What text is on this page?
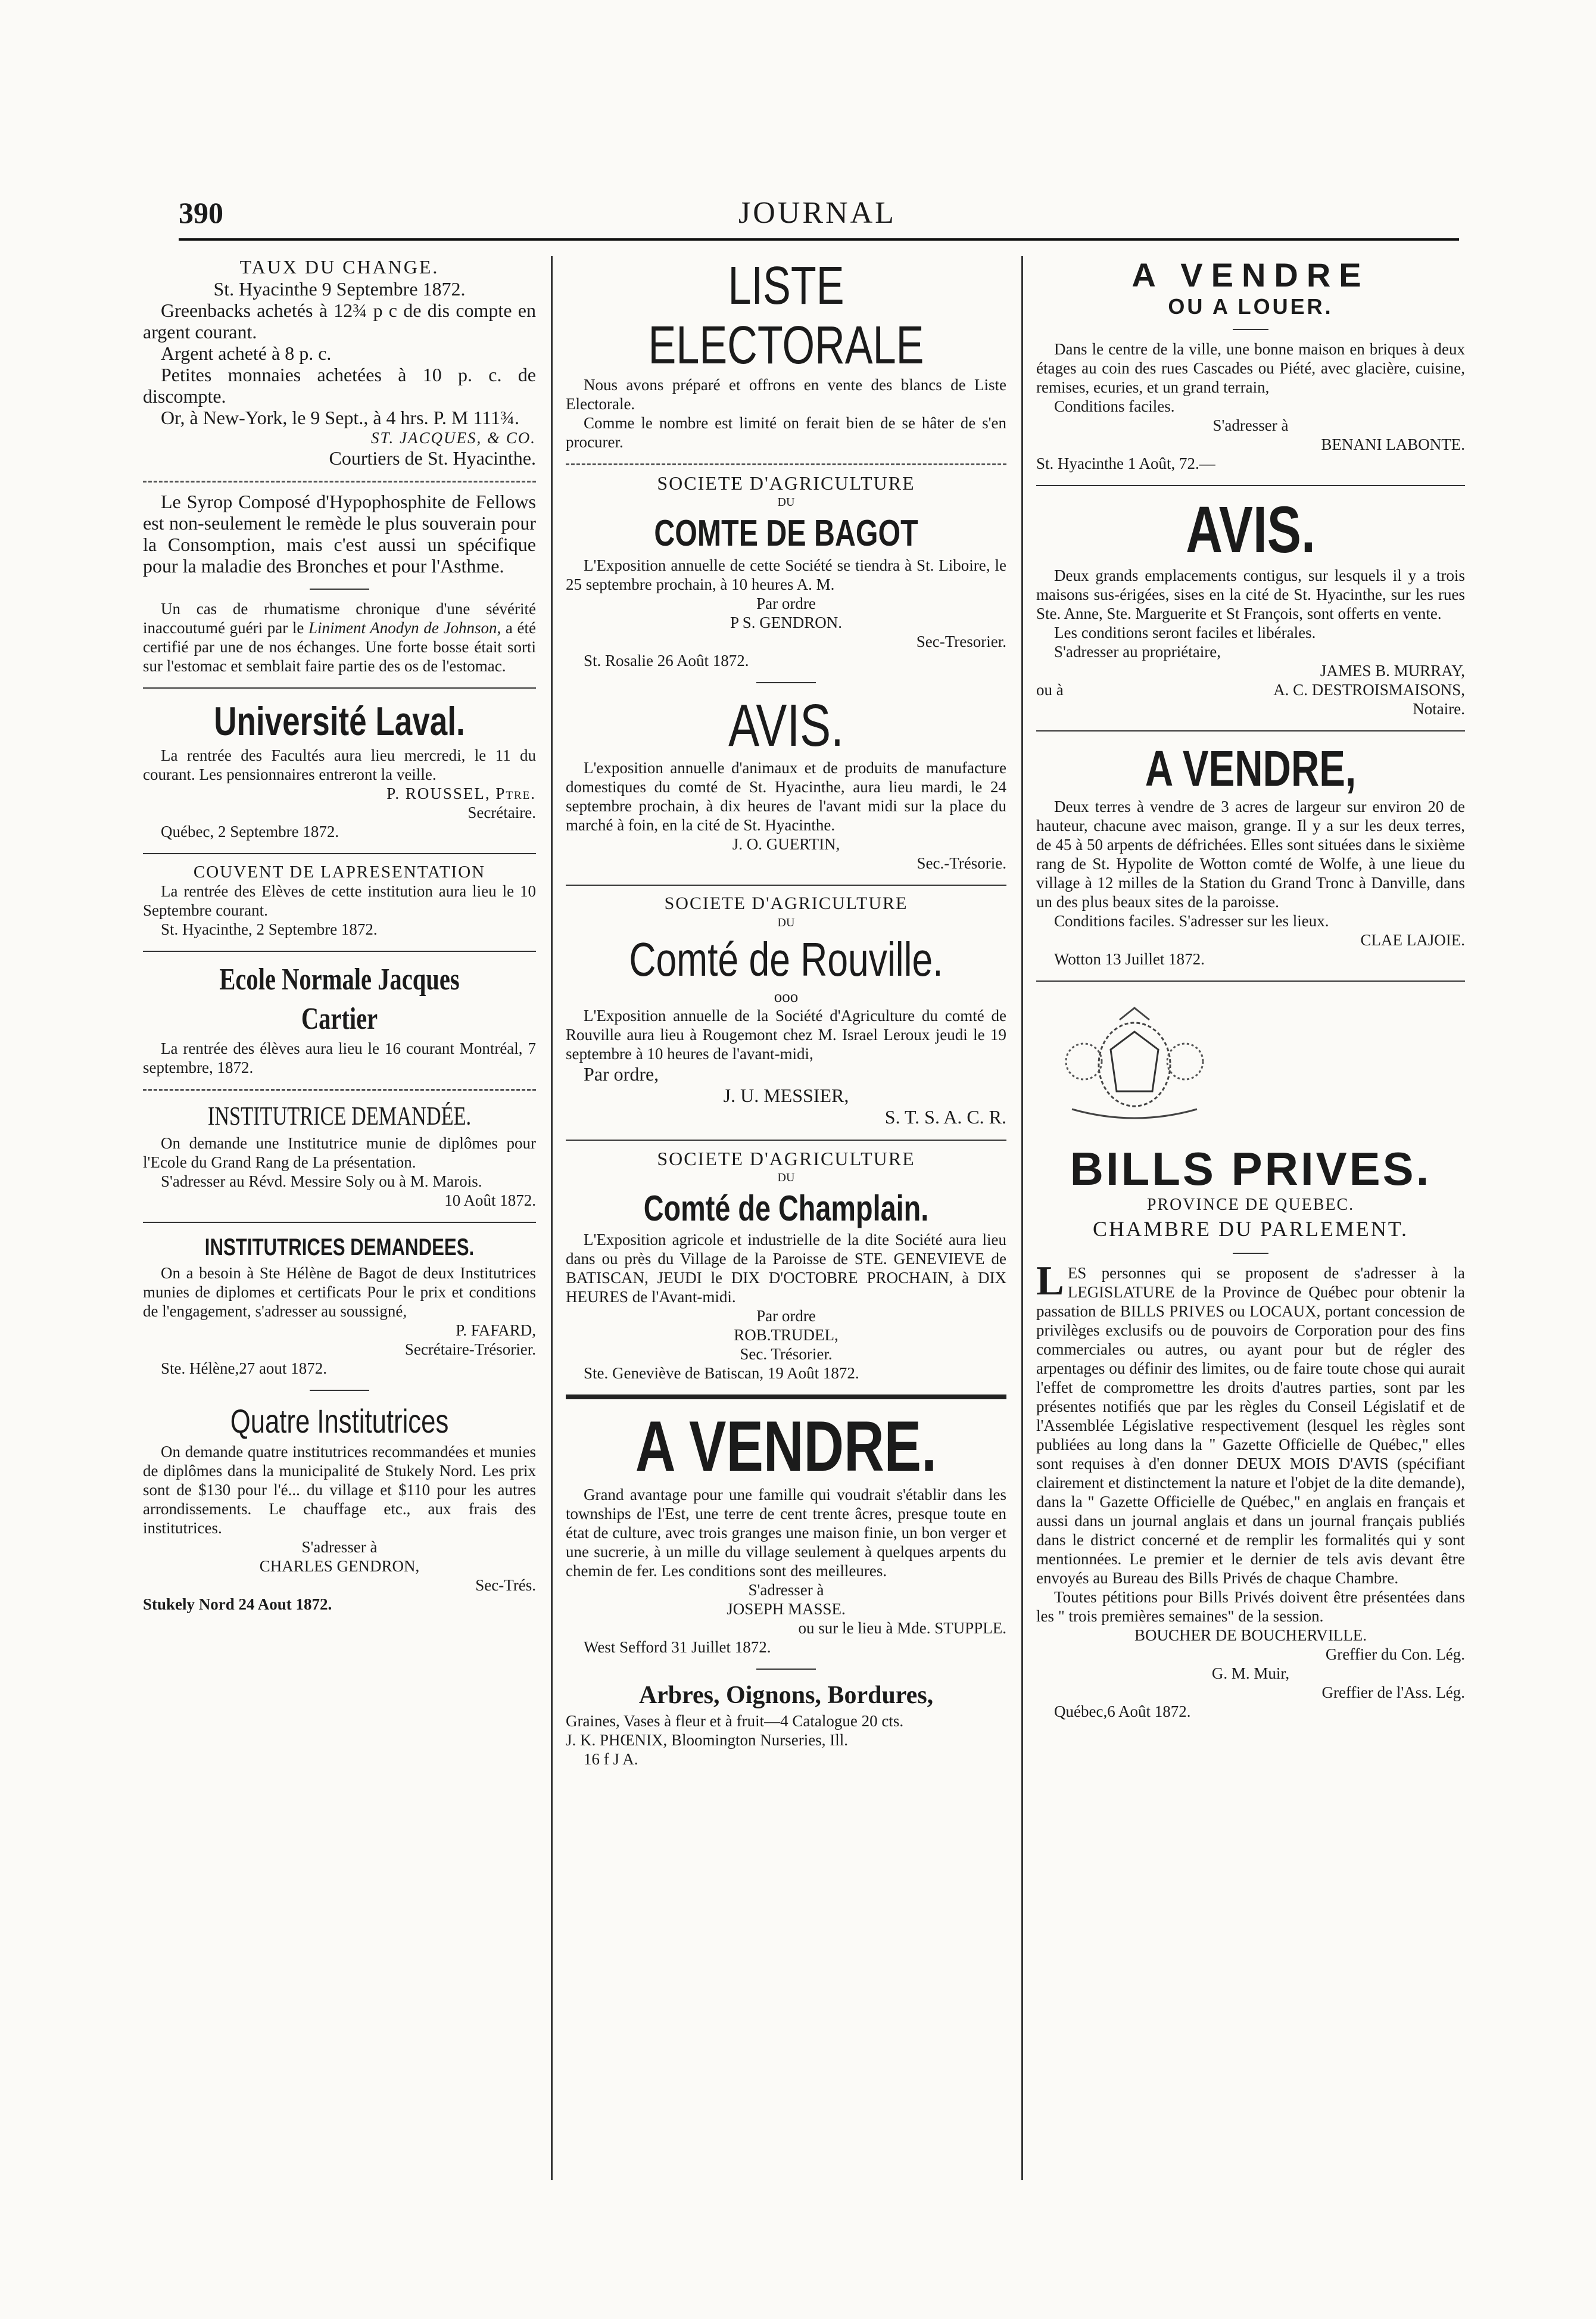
390	JOURNAL

TAUX DU CHANGE.

St. Hyacinthe 9 Septembre 1872.

Greenbacks achetés à 12¾ p c de dis compte en argent courant.

Argent acheté à 8 p. c.

Petites monnaies achetées à 10 p. c. de discompte.

Or, à New-York, le 9 Sept., à 4 hrs. P. M 111¾.

ST. JACQUES, & CO.

Courtiers de St. Hyacinthe.

Le Syrop Composé d'Hypophosphite de Fellows est non-seulement le remède le plus souverain pour la Consomption, mais c'est aussi un spécifique pour la maladie des Bronches et pour l'Asthme.

Un cas de rhumatisme chronique d'une sévérité inaccoutumé guéri par le Liniment Anodyn de Johnson, a été certifié par une de nos échanges. Une forte bosse était sorti sur l'estomac et semblait faire partie des os de l'estomac.

Université Laval.

La rentrée des Facultés aura lieu mercredi, le 11 du courant. Les pensionnaires entreront la veille.

P. ROUSSEL, Ptre.

Secrétaire.

Québec, 2 Septembre 1872.

COUVENT DE LAPRESENTATION

La rentrée des Elèves de cette institution aura lieu le 10 Septembre courant.

St. Hyacinthe, 2 Septembre 1872.

Ecole Normale Jacques Cartier

La rentrée des élèves aura lieu le 16 courant Montréal, 7 septembre, 1872.

INSTITUTRICE DEMANDÉE.

On demande une Institutrice munie de diplômes pour l'Ecole du Grand Rang de La présentation.

S'adresser au Révd. Messire Soly ou à M. Marois.

10 Août 1872.

INSTITUTRICES DEMANDEES.

On a besoin à Ste Hélène de Bagot de deux Institutrices munies de diplomes et certificats Pour le prix et conditions de l'engagement, s'adresser au soussigné,

P. FAFARD,

Secrétaire-Trésorier.

Ste. Hélène,27 aout 1872.

Quatre Institutrices

On demande quatre institutrices recommandées et munies de diplômes dans la municipalité de Stukely Nord. Les prix sont de $130 pour l'é... du village et $110 pour les autres arrondissements. Le chauffage etc., aux frais des institutrices.

S'adresser à

CHARLES GENDRON,

Sec-Trés.

Stukely Nord 24 Aout 1872.

LISTE ELECTORALE

Nous avons préparé et offrons en vente des blancs de Liste Electorale.

Comme le nombre est limité on ferait bien de se hâter de s'en procurer.

SOCIETE D'AGRICULTURE

DU

COMTE DE BAGOT

L'Exposition annuelle de cette Société se tiendra à St. Liboire, le 25 septembre prochain, à 10 heures A. M.

Par ordre

P S. GENDRON.

Sec-Tresorier.

St. Rosalie 26 Août 1872.

AVIS.

L'exposition annuelle d'animaux et de produits de manufacture domestiques du comté de St. Hyacinthe, aura lieu mardi, le 24 septembre prochain, à dix heures de l'avant midi sur la place du marché à foin, en la cité de St. Hyacinthe.

J. O. GUERTIN,

Sec.-Trésorie.

SOCIETE D'AGRICULTURE

DU

Comté de Rouville.

ooo

L'Exposition annuelle de la Société d'Agriculture du comté de Rouville aura lieu à Rougemont chez M. Israel Leroux jeudi le 19 septembre à 10 heures de l'avant-midi,

Par ordre,

J. U. MESSIER,

S. T. S. A. C. R.

SOCIETE D'AGRICULTURE

DU

Comté de Champlain.

L'Exposition agricole et industrielle de la dite Société aura lieu dans ou près du Village de la Paroisse de STE. GENEVIEVE de BATISCAN, JEUDI le DIX D'OCTOBRE PROCHAIN, à DIX HEURES de l'Avant-midi.

Par ordre

ROB.TRUDEL,

Sec. Trésorier.

Ste. Geneviève de Batiscan, 19 Août 1872.

A VENDRE.

Grand avantage pour une famille qui voudrait s'établir dans les townships de l'Est, une terre de cent trente âcres, presque toute en état de culture, avec trois granges une maison finie, un bon verger et une sucrerie, à un mille du village seulement à quelques arpents du chemin de fer. Les conditions sont des meilleures.

S'adresser à

JOSEPH MASSE.

ou sur le lieu à Mde. STUPPLE.

West Sefford 31 Juillet 1872.

Arbres, Oignons, Bordures,

Graines, Vases à fleur et à fruit—4 Catalogue 20 cts.

J. K. PHŒNIX, Bloomington Nurseries, Ill.

16 f J A.

A VENDRE

OU A LOUER.

Dans le centre de la ville, une bonne maison en briques à deux étages au coin des rues Cascades ou Piété, avec glacière, cuisine, remises, ecuries, et un grand terrain,

Conditions faciles.

S'adresser à

BENANI LABONTE.

St. Hyacinthe 1 Août, 72.—

AVIS.

Deux grands emplacements contigus, sur lesquels il y a trois maisons sus-érigées, sises en la cité de St. Hyacinthe, sur les rues Ste. Anne, Ste. Marguerite et St François, sont offerts en vente.

Les conditions seront faciles et libérales.

S'adresser au propriétaire,

JAMES B. MURRAY,

ou à	A. C. DESTROISMAISONS,

Notaire.

A VENDRE,

Deux terres à vendre de 3 acres de largeur sur environ 20 de hauteur, chacune avec maison, grange. Il y a sur les deux terres, de 45 à 50 arpents de défrichées. Elles sont situées dans le sixième rang de St. Hypolite de Wotton comté de Wolfe, à une lieue du village à 12 milles de la Station du Grand Tronc à Danville, dans un des plus beaux sites de la paroisse.

Conditions faciles. S'adresser sur les lieux.

CLAE LAJOIE.

Wotton 13 Juillet 1872.

BILLS PRIVES.

PROVINCE DE QUEBEC.

CHAMBRE DU PARLEMENT.

LES personnes qui se proposent de s'adresser à la LEGISLATURE de la Province de Québec pour obtenir la passation de BILLS PRIVES ou LOCAUX, portant concession de privilèges exclusifs ou de pouvoirs de Corporation pour des fins commerciales ou autres, ou ayant pour but de régler des arpentages ou définir des limites, ou de faire toute chose qui aurait l'effet de compromettre les droits d'autres parties, sont par les présentes notifiés que par les règles du Conseil Législatif et de l'Assemblée Législative respectivement (lesquel les règles sont publiées au long dans la " Gazette Officielle de Québec," elles sont requises à d'en donner DEUX MOIS D'AVIS (spécifiant clairement et distinctement la nature et l'objet de la dite demande), dans la " Gazette Officielle de Québec," en anglais en français et aussi dans un journal anglais et dans un journal français publiés dans le district concerné et de remplir les formalités qui y sont mentionnées. Le premier et le dernier de tels avis devant être envoyés au Bureau des Bills Privés de chaque Chambre.

Toutes pétitions pour Bills Privés doivent être présentées dans les " trois premières semaines" de la session.

BOUCHER DE BOUCHERVILLE.

Greffier du Con. Lég.

G. M. Muir,

Greffier de l'Ass. Lég.

Québec,6 Août 1872.
